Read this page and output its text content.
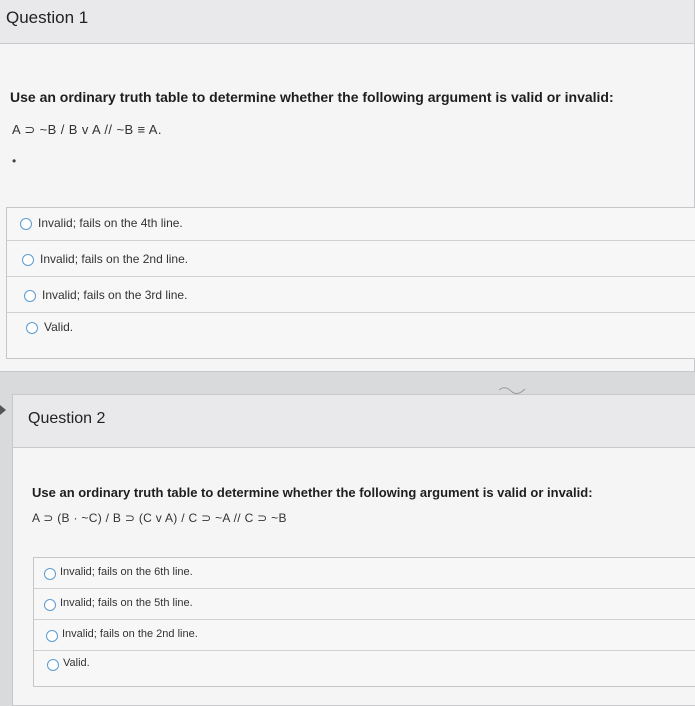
Question 1
Use an ordinary truth table to determine whether the following argument is valid or invalid:
A ⊃ ~B / B v A // ~B ≡ A.
•
Invalid; fails on the 4th line.
Invalid; fails on the 2nd line.
Invalid; fails on the 3rd line.
Valid.
Question 2
Use an ordinary truth table to determine whether the following argument is valid or invalid:
A ⊃ (B · ~C) / B ⊃ (C v A) / C ⊃ ~A // C ⊃ ~B
Invalid; fails on the 6th line.
Invalid; fails on the 5th line.
Invalid; fails on the 2nd line.
Valid.
